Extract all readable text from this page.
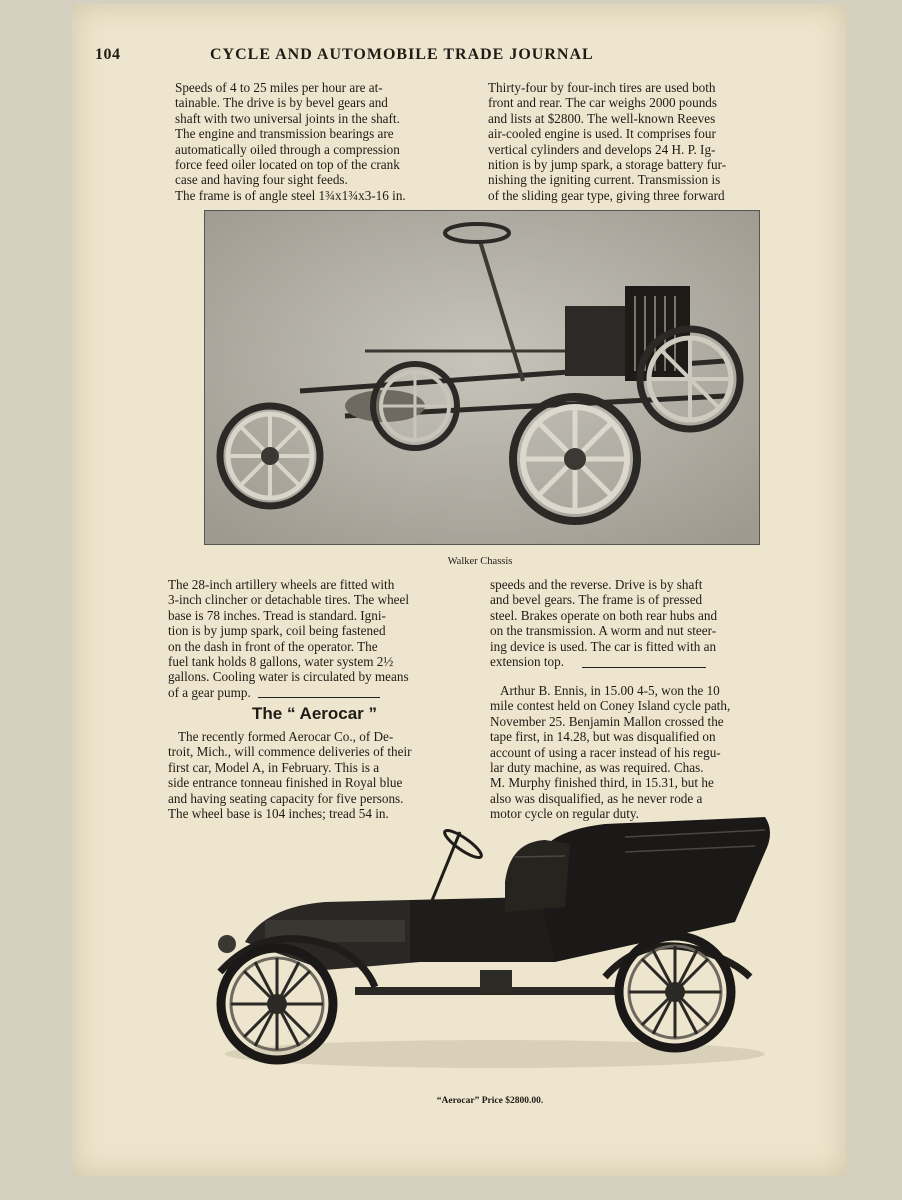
104	CYCLE AND AUTOMOBILE TRADE JOURNAL
Speeds of 4 to 25 miles per hour are at-
tainable. The drive is by bevel gears and
shaft with two universal joints in the shaft.
The engine and transmission bearings are
automatically oiled through a compression
force feed oiler located on top of the crank
case and having four sight feeds.
The frame is of angle steel 1¾x1¾x3-16 in.
Thirty-four by four-inch tires are used both
front and rear. The car weighs 2000 pounds
and lists at $2800. The well-known Reeves
air-cooled engine is used. It comprises four
vertical cylinders and develops 24 H. P. Ig-
nition is by jump spark, a storage battery fur-
nishing the igniting current. Transmission is
of the sliding gear type, giving three forward
Walker Chassis
The 28-inch artillery wheels are fitted with
3-inch clincher or detachable tires. The wheel
base is 78 inches. Tread is standard. Igni-
tion is by jump spark, coil being fastened
on the dash in front of the operator. The
fuel tank holds 8 gallons, water system 2½
gallons. Cooling water is circulated by means
of a gear pump.
speeds and the reverse. Drive is by shaft
and bevel gears. The frame is of pressed
steel. Brakes operate on both rear hubs and
on the transmission. A worm and nut steer-
ing device is used. The car is fitted with an
extension top.
The “ Aerocar ”
The recently formed Aerocar Co., of De-
troit, Mich., will commence deliveries of their
first car, Model A, in February. This is a
side entrance tonneau finished in Royal blue
and having seating capacity for five persons.
The wheel base is 104 inches; tread 54 in.
Arthur B. Ennis, in 15.00 4-5, won the 10
mile contest held on Coney Island cycle path,
November 25. Benjamin Mallon crossed the
tape first, in 14.28, but was disqualified on
account of using a racer instead of his regu-
lar duty machine, as was required. Chas.
M. Murphy finished third, in 15.31, but he
also was disqualified, as he never rode a
motor cycle on regular duty.
“Aerocar” Price $2800.00.
